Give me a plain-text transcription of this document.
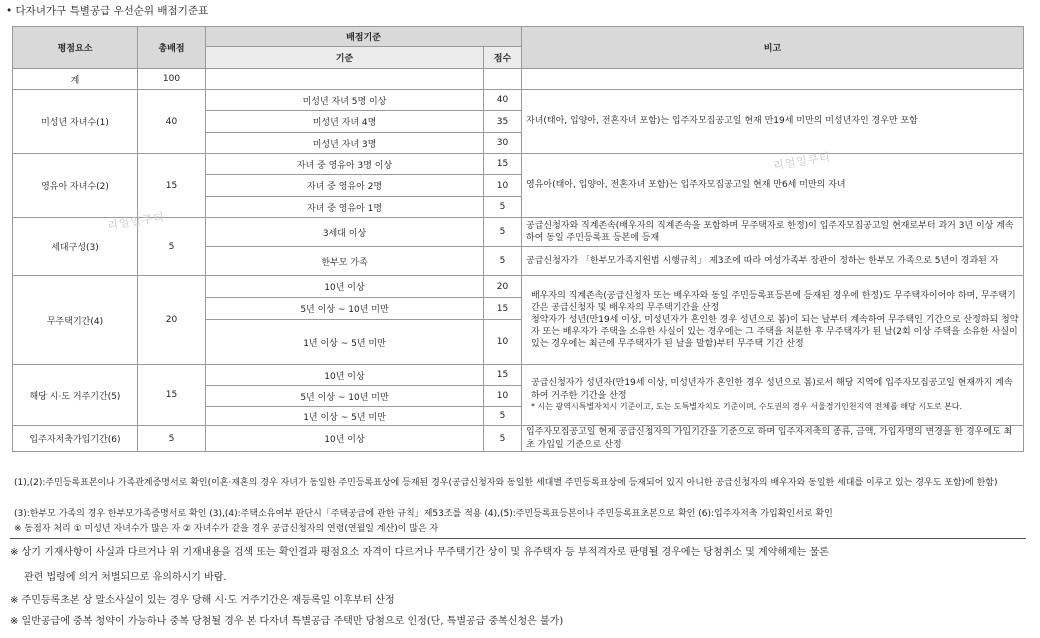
• 다자녀가구 특별공급 우선순위 배점기준표
평점요소	총배점	배점기준		비고
		기준	점수	
계	100			
미성년 자녀수(1)	40	미성년 자녀 5명 이상	40	자녀(태아, 입양아, 전혼자녀 포함)는 입주자모집공고일 현재 만19세 미만의 미성년자인 경우만 포함
		미성년 자녀 4명	35	
		미성년 자녀 3명	30	
영유아 자녀수(2)	15	자녀 중 영유아 3명 이상	15	영유아(태아, 입양아, 전혼자녀 포함)는 입주자모집공고일 현재 만6세 미만의 자녀
		자녀 중 영유아 2명	10	
		자녀 중 영유아 1명	5	
세대구성(3)	5	3세대 이상	5	공급신청자와 직계존속(배우자의 직계존속을 포함하며 무주택자로 한정)이 입주자모집공고일 현재로부터 과거 3년 이상 계속하여 동일 주민등록표 등본에 등재
		한부모 가족	5	공급신청자가 「한부모가족지원법 시행규칙」 제3조에 따라 여성가족부 장관이 정하는 한부모 가족으로 5년이 경과된 자
무주택기간(4)	20	10년 이상	20	배우자의 직계존속(공급신청자 또는 배우자와 동일 주민등록표등본에 등재된 경우에 한정)도 무주택자이어야 하며, 무주택기간은 공급신청자 및 배우자의 무주택기간을 산정
청약자가 성년(만19세 이상, 미성년자가 혼인한 경우 성년으로 봄)이 되는 날부터 계속하여 무주택인 기간으로 산정하되 청약자 또는 배우자가 주택을 소유한 사실이 있는 경우에는 그 주택을 처분한 후 무주택자가 된 날(2회 이상 주택을 소유한 사실이 있는 경우에는 최근에 무주택자가 된 날을 말함)부터 무주택 기간 산정

		5년 이상 ~ 10년 미만	15	
		1년 이상 ~ 5년 미만	10	
해당 시·도 거주기간(5)	15	10년 이상	15	공급신청자가 성년자(만19세 이상, 미성년자가 혼인한 경우 성년으로 봄)로서 해당 지역에 입주자모집공고일 현재까지 계속하여 거주한 기간을 산정
* 시는 광역시특별자치시 기준이고, 도는 도특별자치도 기준이며, 수도권의 경우 서울경기인천지역 전체를 해당 시도로 본다.

		5년 이상 ~ 10년 미만	10	
		1년 이상 ~ 5년 미만	5	
입주자저축가입기간(6)	5	10년 이상	5	입주자모집공고일 현재 공급신청자의 가입기간을 기준으로 하며 입주자저축의 종류, 금액, 가입자명의 변경을 한 경우에도 최초 가입일 기준으로 산정
리얼밀쿠티
리얼밀쿠티
(1),(2):주민등록표본이나 가족관계증명서로 확인(이혼·재혼의 경우 자녀가 동일한 주민등록표상에 등재된 경우(공급신청자와 동일한 세대별 주민등록표상에 등재되어 있지 아니한 공급신청자의 배우자와 동일한 세대를 이루고 있는 경우도 포함)에 한함)
(3):한부모 가족의 경우 한부모가족증명서로 확인 (3),(4):주택소유여부 판단시「주택공급에 관한 규칙」제53조를 적용 (4),(5):주민등록표등본이나 주민등록표초본으로 확인 (6):입주자저축 가입확인서로 확인
※ 동점자 처리 ① 미성년 자녀수가 많은 자 ② 자녀수가 같을 경우 공급신청자의 연령(연월일 계산)이 많은 자
※ 상기 기재사항이 사실과 다르거나 위 기재내용을 검색 또는 확인결과 평점요소 자격이 다르거나 무주택기간 상이 및 유주택자 등 부적격자로 판명될 경우에는 당첨취소 및 계약해제는 물론
관련 법령에 의거 처벌되므로 유의하시기 바람.
※ 주민등록초본 상 말소사실이 있는 경우 당해 시·도 거주기간은 재등록일 이후부터 산정
※ 일반공급에 중복 청약이 가능하나 중복 당첨될 경우 본 다자녀 특별공급 주택만 당첨으로 인정(단, 특별공급 중복신청은 불가)
